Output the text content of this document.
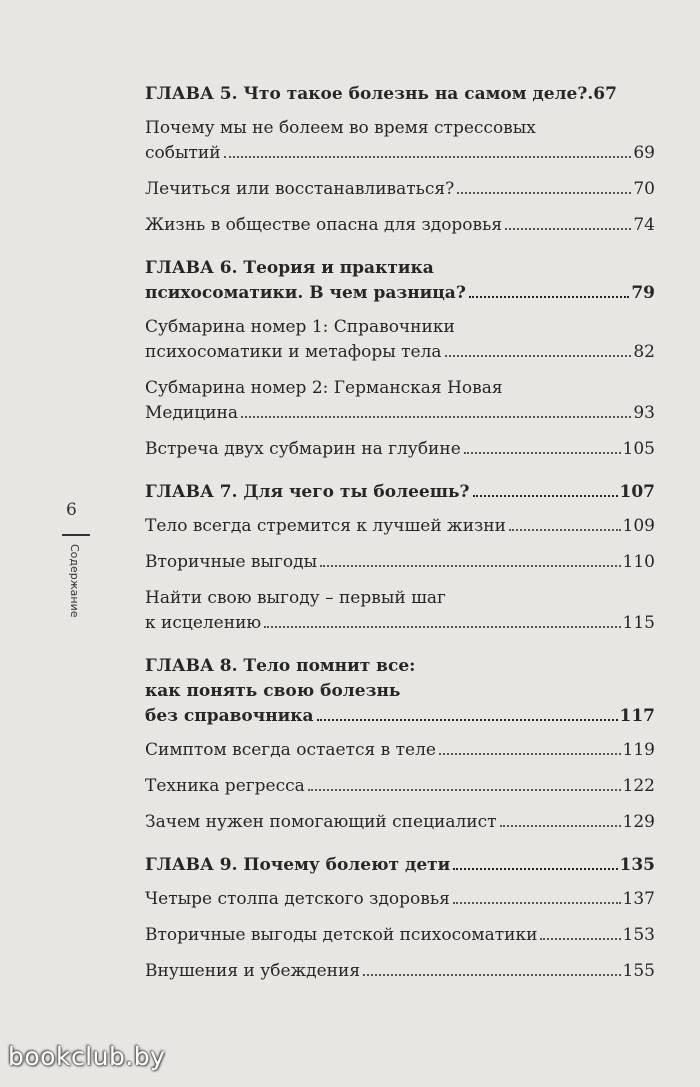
6
Содержание
ГЛАВА 5. Что такое болезнь на самом деле? . 67
Почему мы не болеем во время стрессовых
событий	69
Лечиться или восстанавливаться?	70
Жизнь в обществе опасна для здоровья	74
ГЛАВА 6. Теория и практика
психосоматики. В чем разница?	79
Субмарина номер 1: Справочники
психосоматики и метафоры тела	82
Субмарина номер 2: Германская Новая
Медицина	93
Встреча двух субмарин на глубине	105
ГЛАВА 7. Для чего ты болеешь?	107
Тело всегда стремится к лучшей жизни	109
Вторичные выгоды	110
Найти свою выгоду – первый шаг
к исцелению	115
ГЛАВА 8. Тело помнит все:
как понять свою болезнь
без справочника	117
Симптом всегда остается в теле	119
Техника регресса	122
Зачем нужен помогающий специалист	129
ГЛАВА 9. Почему болеют дети	135
Четыре столпа детского здоровья	137
Вторичные выгоды детской психосоматики	153
Внушения и убеждения	155
bookclub.by
